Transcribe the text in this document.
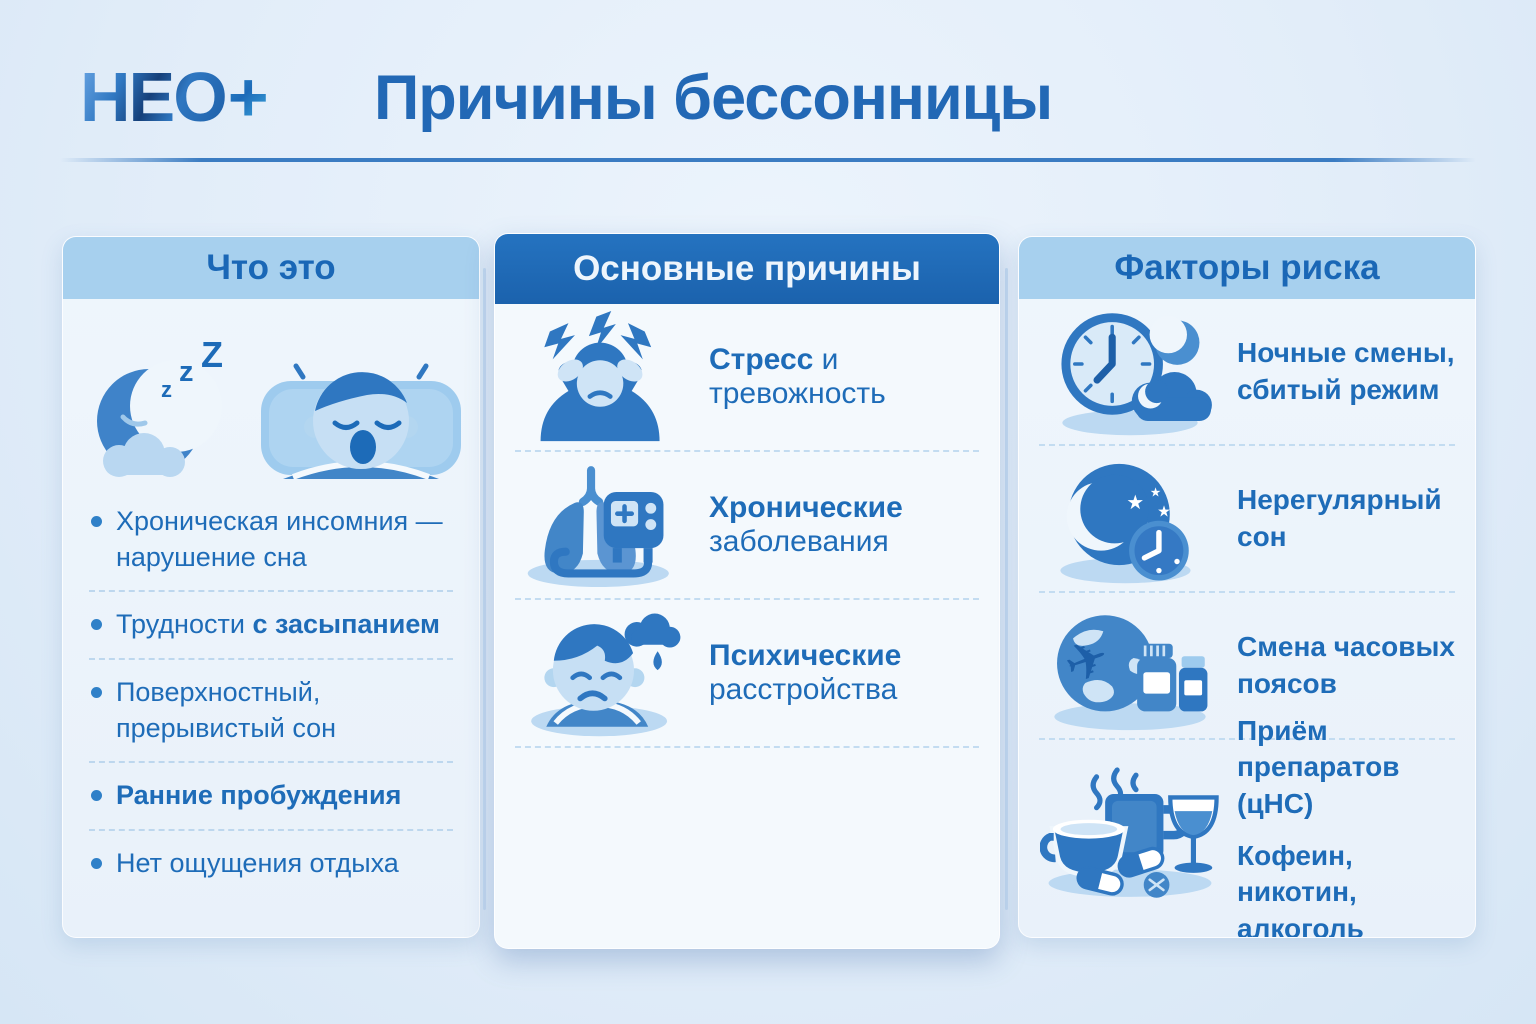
НЕО + Причины бессонницы
Что это
z
z Z
Хроническая инсомния — нарушение сна
Трудности с засыпанием
Поверхностный, прерывистый сон
Ранние пробуждения
Нет ощущения отдыха
Основные причины
Стресс и тревожность
Хронические заболевания
Психические расстройства
Факторы риска
Ночные смены,
сбитый режим
★ ★
★ Нерегулярный сон
✈	Смена часовых поясов
Приём препаратов (цНС)
Кофеин, никотин,
алкоголь
